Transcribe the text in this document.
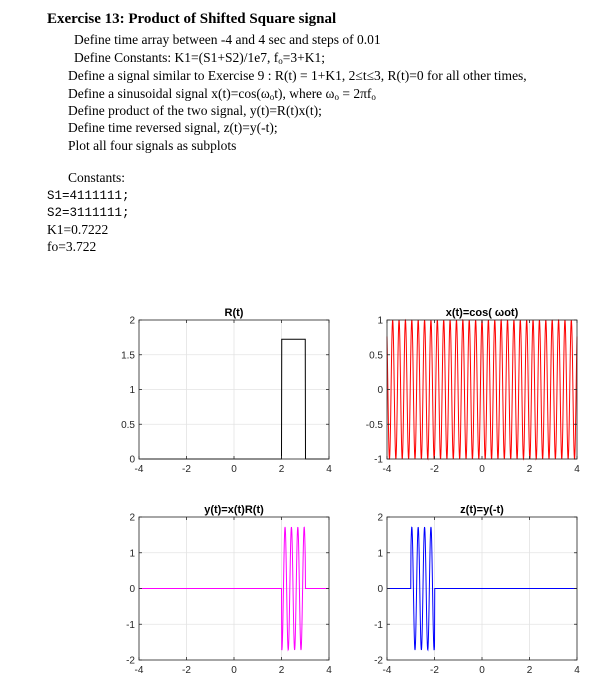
Exercise 13: Product of Shifted Square signal
Define time array between -4 and 4 sec and steps of 0.01
Define Constants: K1=(S1+S2)/1e7, $f_o=3+K1$;
Define a signal similar to Exercise 9 : R(t) = 1+K1, 2≤t≤3, R(t)=0 for all other times,
Define a sinusoidal signal $x(t)=\cos(\omega_ot)$, where $\omega_o = 2\pi f_o$
Define product of the two signal, y(t)=R(t)x(t);
Define time reversed signal, z(t)=y(-t);
Plot all four signals as subplots
Constants:
S1=4111111;
S2=3111111;
K1=0.7222
fo=3.722
-4	-2	0	2	4
0
0.5
1
1.5
2
R(t)
-4	-2	0	2	4
-1
-0.5
0
0.5
1
x(t)=cos( ωot)
-4	-2	0	2	4
-2
-1
0
1
2
y(t)=x(t)R(t)
-4	-2	0	2	4
-2
-1
0
1
2
z(t)=y(-t)
